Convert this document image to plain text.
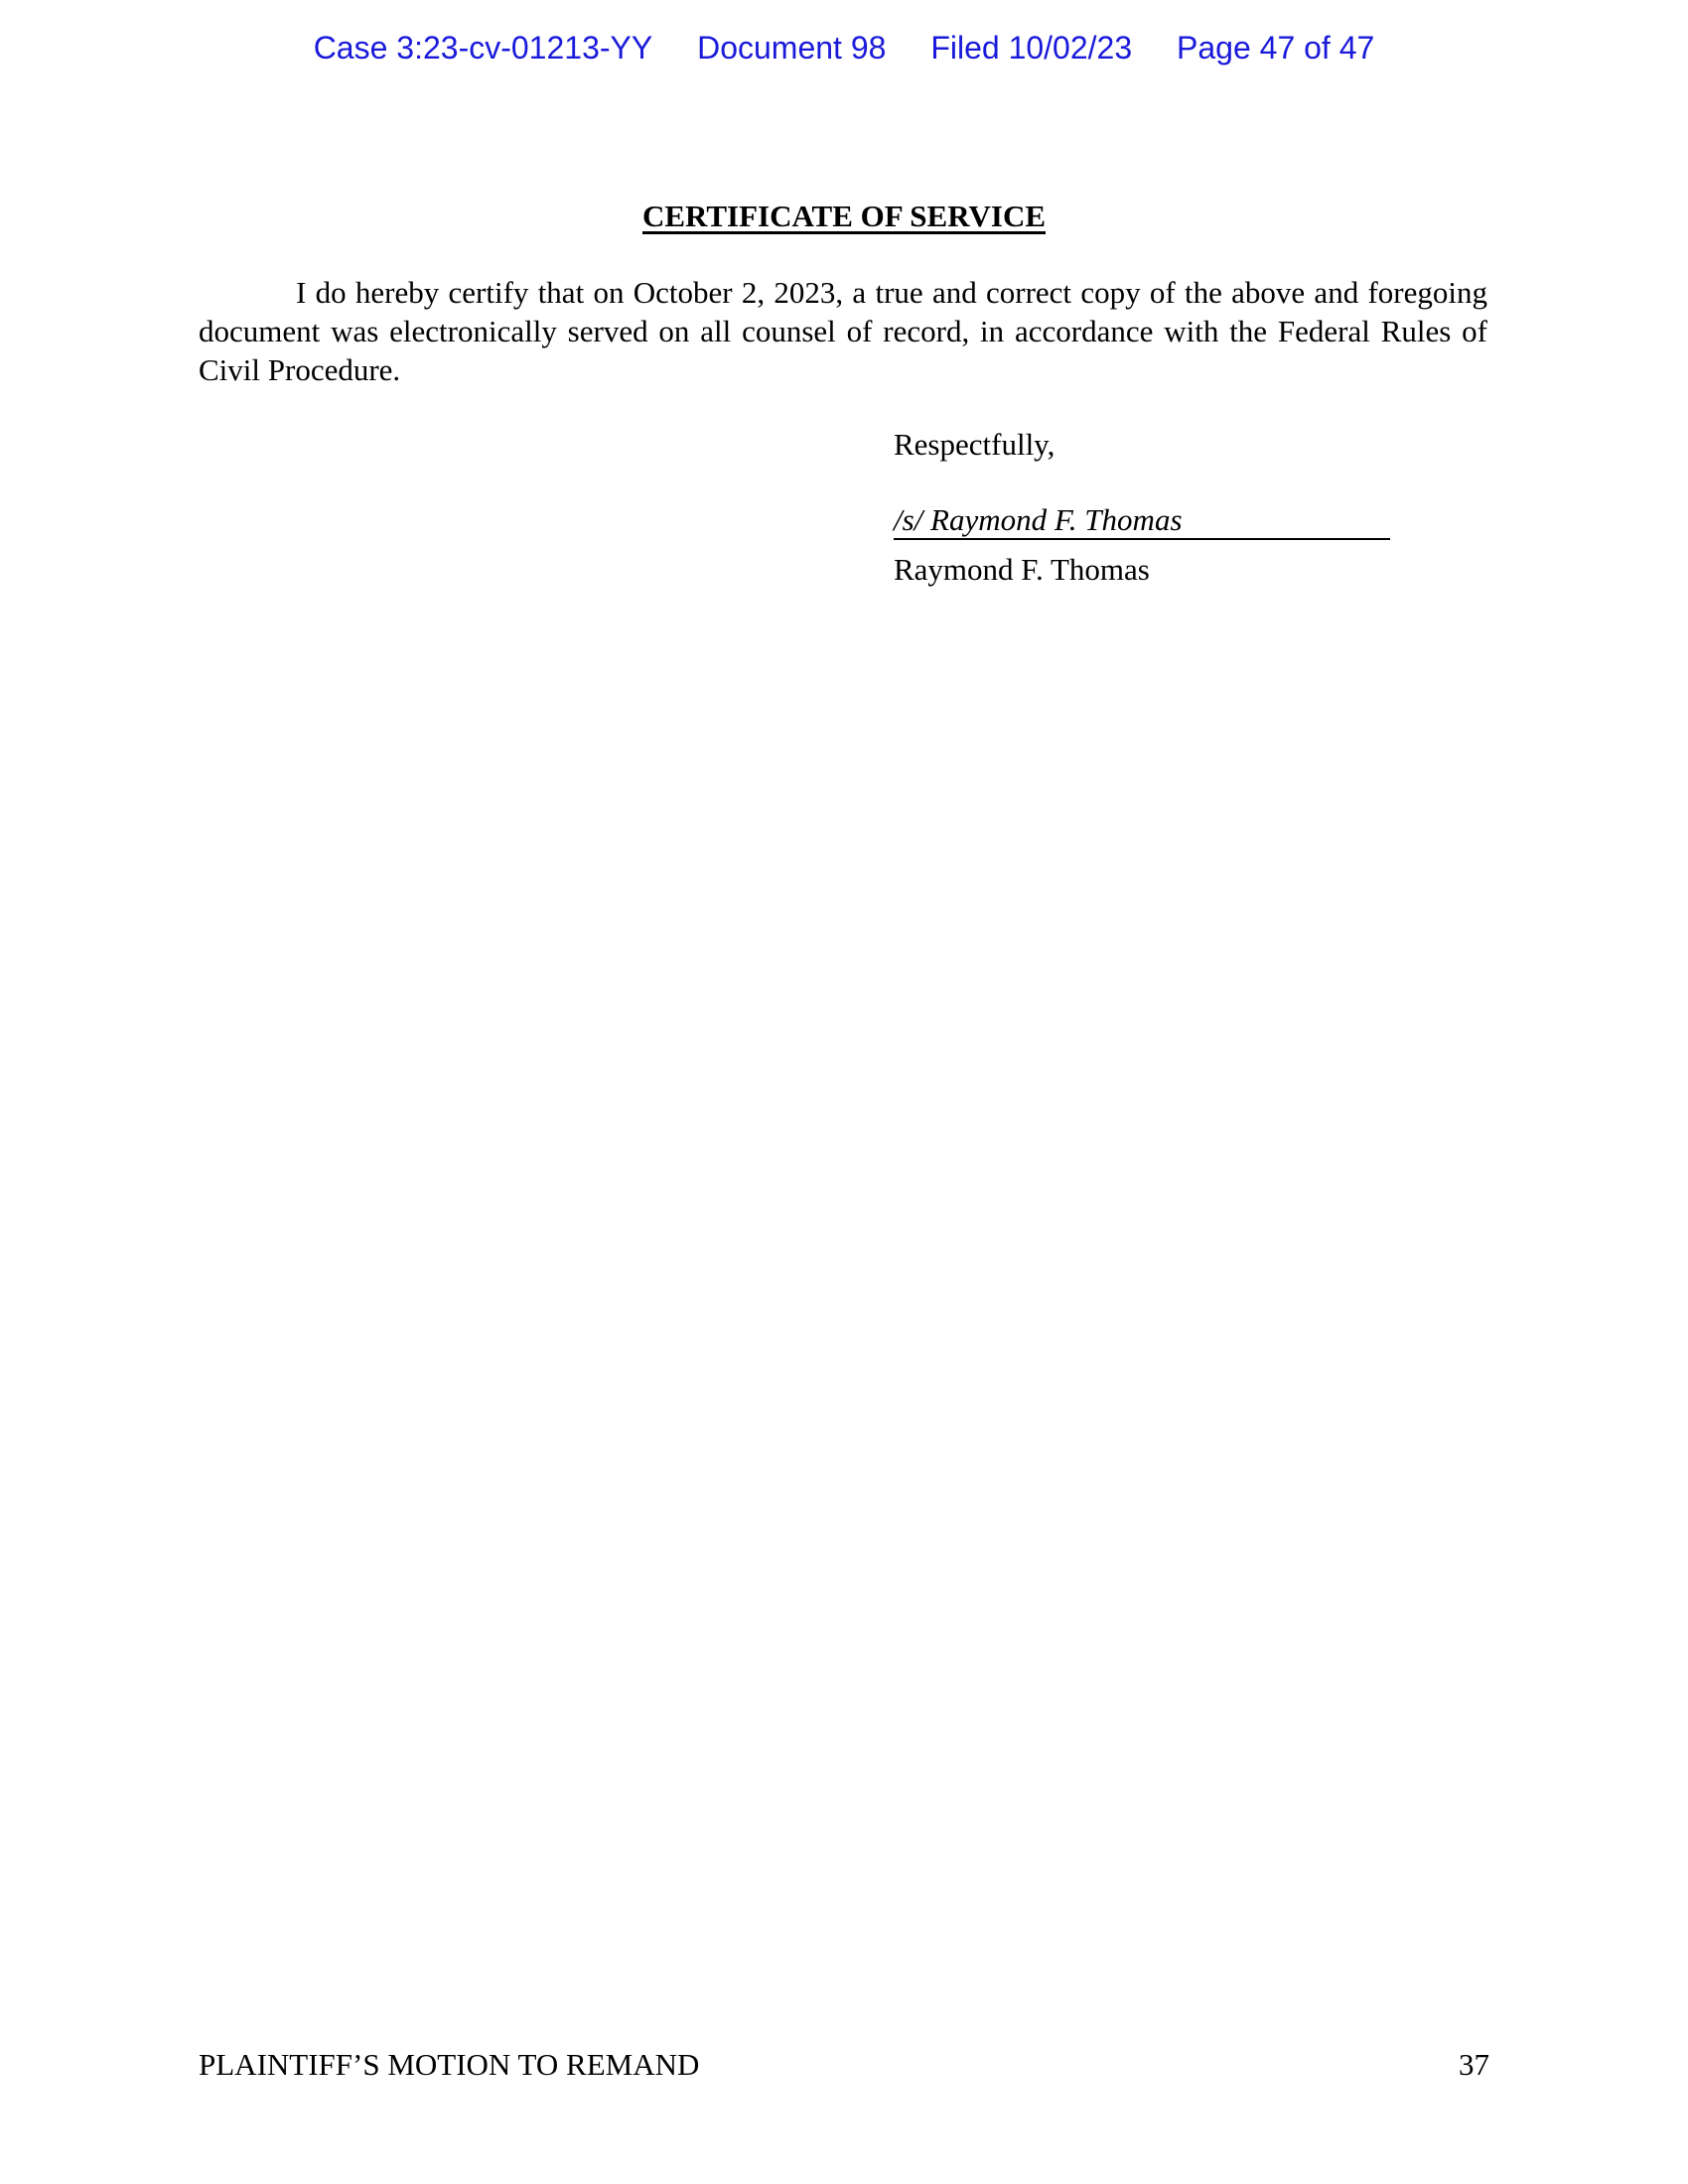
Case 3:23-cv-01213-YY Document 98 Filed 10/02/23 Page 47 of 47
CERTIFICATE OF SERVICE

I do hereby certify that on October 2, 2023, a true and correct copy of the above and foregoing document was electronically served on all counsel of record, in accordance with the Federal Rules of Civil Procedure.

Respectfully,
/s/ Raymond F. Thomas
Raymond F. Thomas
PLAINTIFF’S MOTION TO REMAND	37
